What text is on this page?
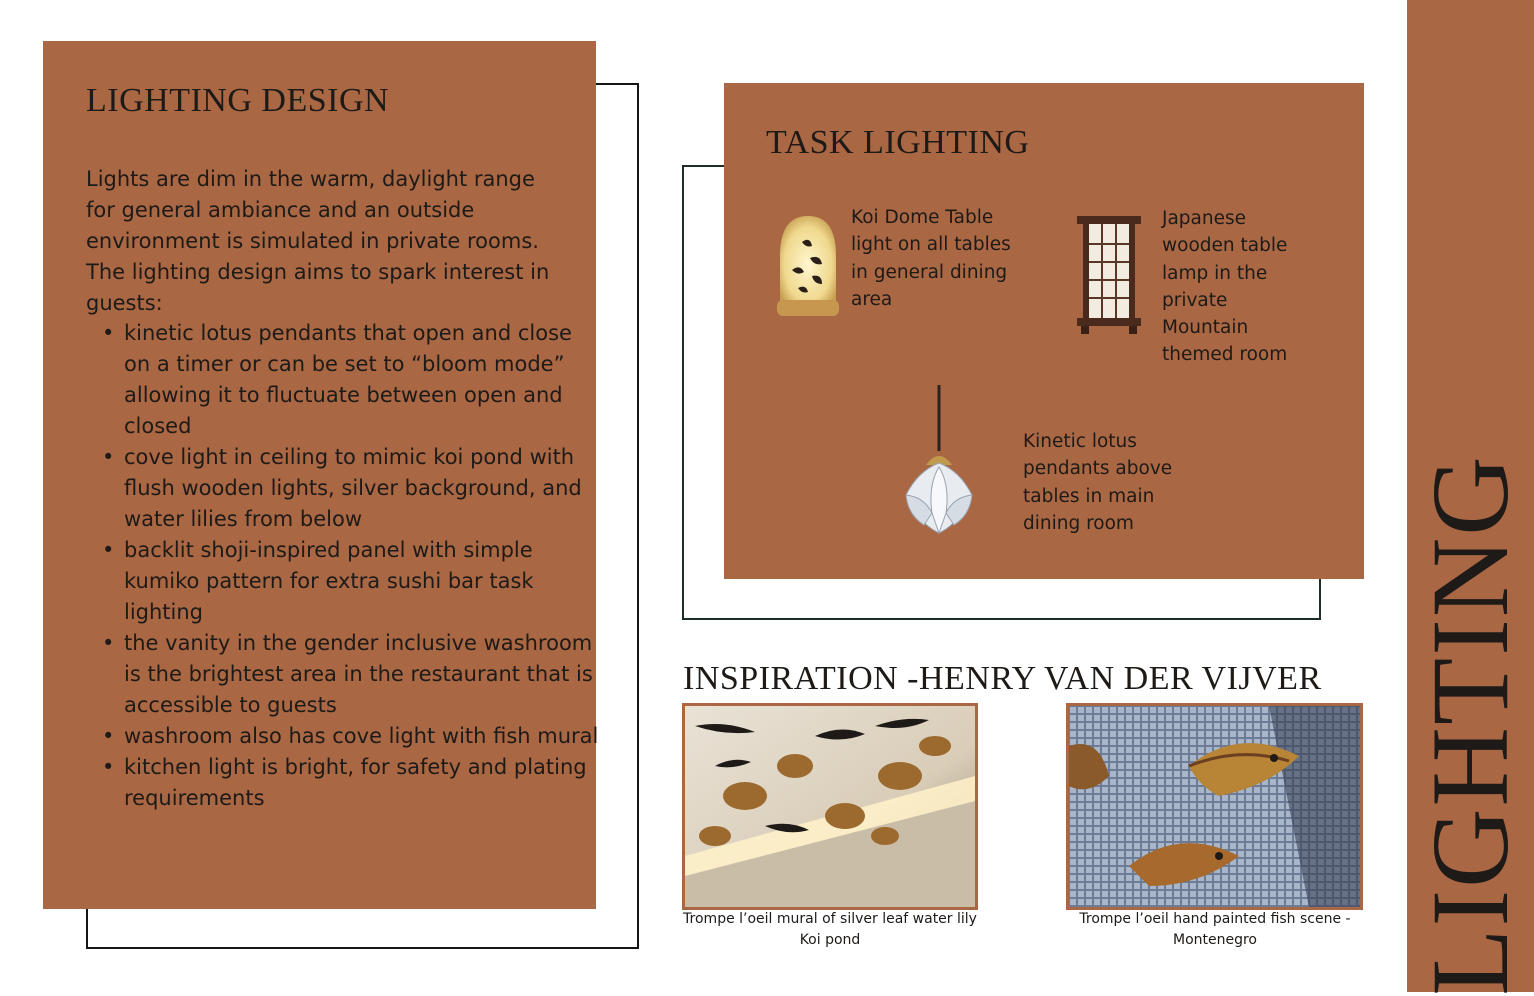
LIGHTING DESIGN
Lights are dim in the warm, daylight range for general ambiance and an outside environment is simulated in private rooms. The lighting design aims to spark interest in guests:
• kinetic lotus pendants that open and close on a timer or can be set to “bloom mode” allowing it to fluctuate between open and closed
• cove light in ceiling to mimic koi pond with flush wooden lights, silver background, and water lilies from below
• backlit shoji-inspired panel with simple kumiko pattern for extra sushi bar task lighting
• the vanity in the gender inclusive washroom is the brightest area in the restaurant that is accessible to guests
• washroom also has cove light with fish mural
• kitchen light is bright, for safety and plating requirements
TASK LIGHTING
Koi Dome Table light on all tables in general dining area
Japanese wooden table lamp in the private Mountain themed room
Kinetic lotus pendants above tables in main dining room
INSPIRATION -HENRY VAN DER VIJVER
Trompe l’oeil mural of silver leaf water lily Koi pond
Trompe l’oeil hand painted fish scene - Montenegro	LIGHTING
